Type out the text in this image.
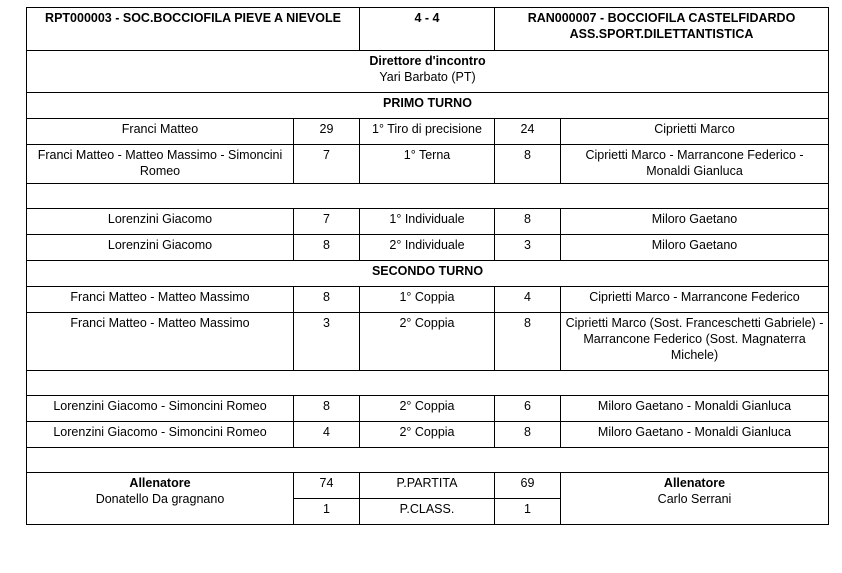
RPT000003 - SOC.BOCCIOFILA PIEVE A NIEVOLE		4 - 4	RAN000007 - BOCCIOFILA CASTELFIDARDO
ASS.SPORT.DILETTANTISTICA	
Direttore d'incontro
Yari Barbato (PT)				
PRIMO TURNO				
Franci Matteo	29	1° Tiro di precisione	24	Ciprietti Marco
Franci Matteo - Matteo Massimo - Simoncini Romeo	7	1° Terna	8	Ciprietti Marco - Marrancone Federico - Monaldi Gianluca

Lorenzini Giacomo	7	1° Individuale	8	Miloro Gaetano
Lorenzini Giacomo	8	2° Individuale	3	Miloro Gaetano
SECONDO TURNO				
Franci Matteo - Matteo Massimo	8	1° Coppia	4	Ciprietti Marco - Marrancone Federico
Franci Matteo - Matteo Massimo	3	2° Coppia	8	Ciprietti Marco (Sost. Franceschetti Gabriele) - Marrancone Federico (Sost. Magnaterra Michele)

Lorenzini Giacomo - Simoncini Romeo	8	2° Coppia	6	Miloro Gaetano - Monaldi Gianluca
Lorenzini Giacomo - Simoncini Romeo	4	2° Coppia	8	Miloro Gaetano - Monaldi Gianluca

Allenatore
Donatello Da gragnano	74	P.PARTITA	69	Allenatore
Carlo Serrani
	1	P.CLASS.	1	
